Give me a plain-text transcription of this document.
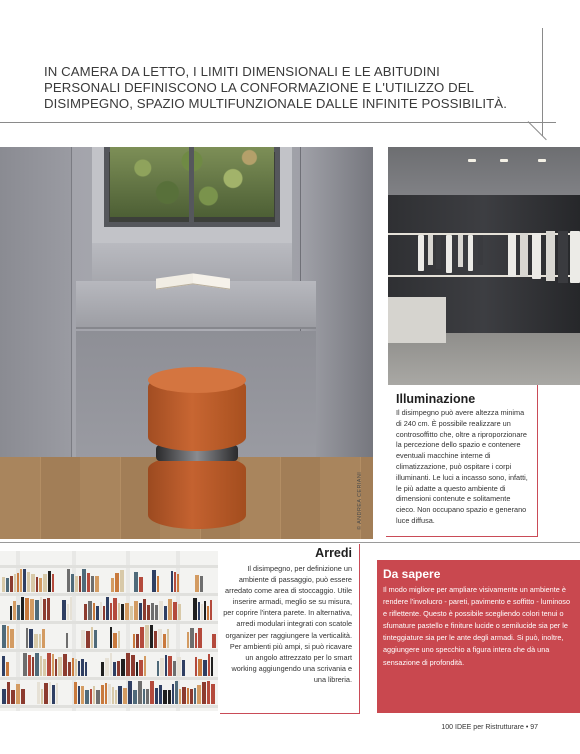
IN CAMERA DA LETTO, I LIMITI DIMENSIONALI E LE ABITUDINI PERSONALI DEFINISCONO LA CONFORMAZIONE E L'UTILIZZO DEL DISIMPEGNO, SPAZIO MULTIFUNZIONALE DALLE INFINITE POSSIBILITÀ.
© ANDREA CERIANI
Illuminazione
Il disimpegno può avere altezza minima di 240 cm. È possibile realizzare un controsoffitto che, oltre a riproporzionare la percezione dello spazio e contenere eventuali macchine interne di climatizzazione, può ospitare i corpi illuminanti. Le luci a incasso sono, infatti, le più adatte a questo ambiente di dimensioni contenute e solitamente cieco. Non occupano spazio e generano luce diffusa.
Arredi
Il disimpegno, per definizione un ambiente di passaggio, può essere arredato come area di stoccaggio. Utile inserire armadi, meglio se su misura, per coprire l'intera parete. In alternativa, arredi modulari integrati con scatole organizer per raggiungere la verticalità. Per ambienti più ampi, si può ricavare un angolo attrezzato per lo smart working aggiungendo una scrivania e una libreria.
Da sapere
Il modo migliore per ampliare visivamente un ambiente è rendere l'involucro - pareti, pavimento e soffitto - luminoso e riflettente. Questo è possibile scegliendo colori tenui o sfumature pastello e finiture lucide o semilucide sia per le tinteggiature sia per le ante degli armadi. Si può, inoltre, aggiungere uno specchio a figura intera che dà una sensazione di profondità.
100 IDEE per Ristrutturare • 97
